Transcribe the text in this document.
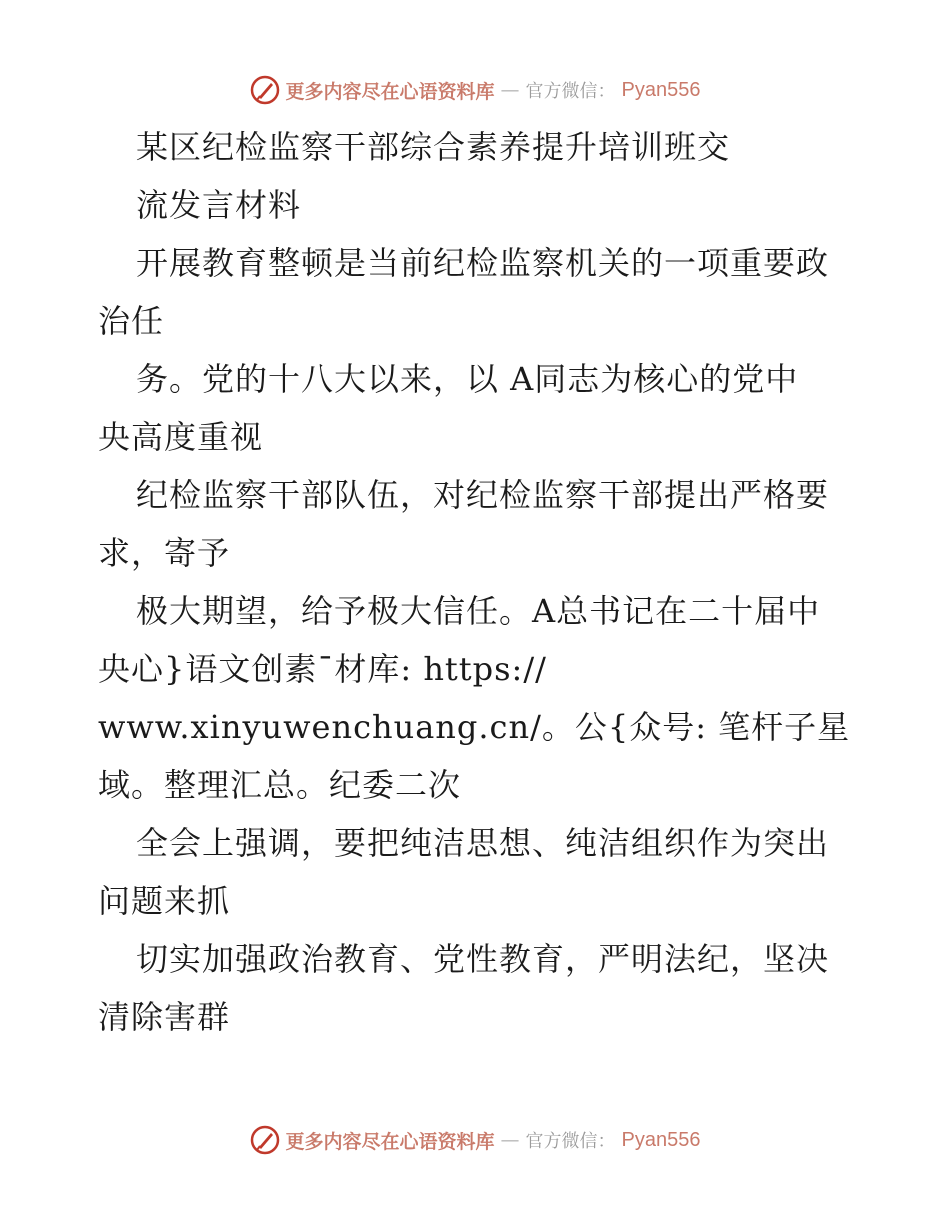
更多内容尽在心语资料库 — 官方微信： Pyan556
某区纪检监察干部综合素养提升培训班交
流发言材料
开展教育整顿是当前纪检监察机关的一项重要政
治任
务。党的十八大以来，以 A同志为核心的党中
央高度重视
纪检监察干部队伍，对纪检监察干部提出严格要
求，寄予
极大期望，给予极大信任。A总书记在二十届中
央心}语文创素¯材库: https://
www.xinyuwenchuang.cn/。公{众号: 笔杆子星
域。整理汇总。纪委二次
全会上强调，要把纯洁思想、纯洁组织作为突出
问题来抓
切实加强政治教育、党性教育，严明法纪，坚决
清除害群
更多内容尽在心语资料库 — 官方微信： Pyan556
